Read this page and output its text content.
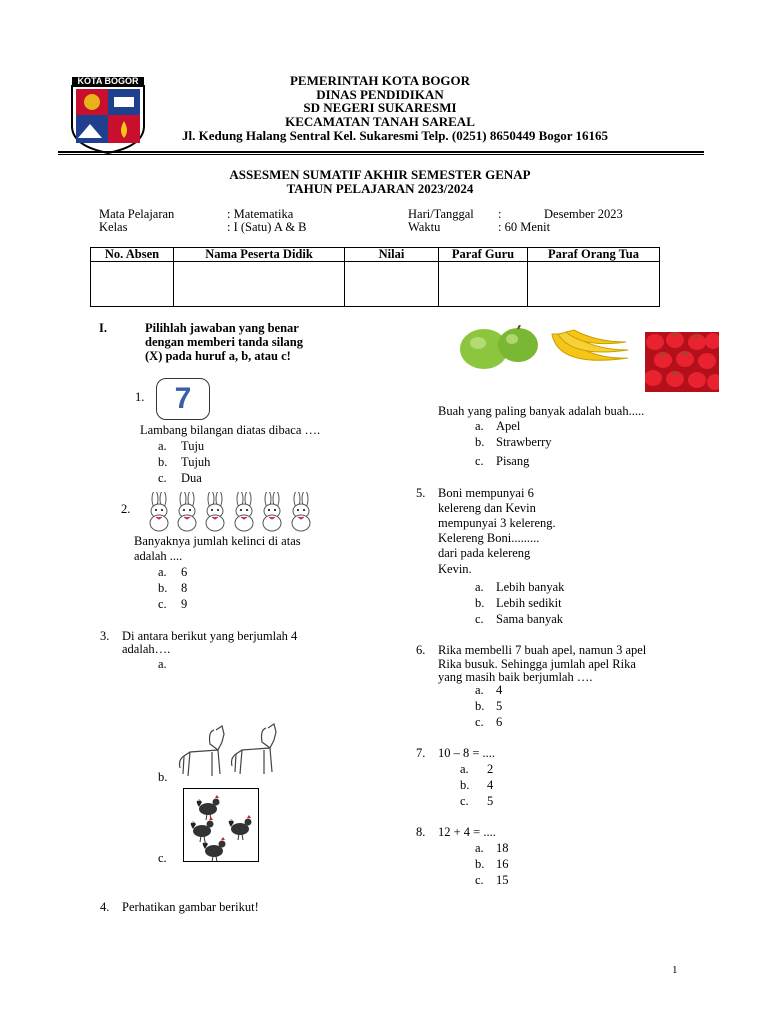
KOTA BOGOR	PEMERINTAH KOTA BOGOR
DINAS PENDIDIKAN
SD NEGERI SUKARESMI
KECAMATAN TANAH SAREAL
Jl. Kedung Halang Sentral Kel. Sukaresmi Telp. (0251) 8650449 Bogor 16165
ASSESMEN SUMATIF AKHIR SEMESTER GENAP
TAHUN PELAJARAN 2023/2024
Mata Pelajaran	: Matematika
Kelas	: I (Satu) A & B
Hari/Tanggal :	Desember 2023
Waktu	: 60 Menit
No. Absen	Nama Peserta Didik	Nilai	Paraf Guru	Paraf Orang Tua

I.	Pilihlah jawaban yang benar
dengan memberi tanda silang
(X) pada huruf a, b, atau c!
1.	7
Lambang bilangan diatas dibaca ….
a. Tuju
b. Tujuh
c. Dua
2.
Banyaknya jumlah kelinci di atas
adalah ....
a. 6
b. 8
c. 9
3. Di antara berikut yang berjumlah 4
adalah….
a.
b.
c.
4. Perhatikan gambar berikut!
Buah yang paling banyak adalah buah.....
a. Apel
b. Strawberry
c. Pisang
5. Boni mempunyai 6
kelereng dan Kevin
mempunyai 3 kelereng.
Kelereng Boni.........
dari pada kelereng
Kevin.
a. Lebih banyak
b. Lebih sedikit
c. Sama banyak
6. Rika membelli 7 buah apel, namun 3 apel
Rika busuk. Sehingga jumlah apel Rika
yang masih baik berjumlah ….
a. 4
b. 5
c. 6
7. 10 – 8 = ....
a. 2
b. 4
c. 5
8. 12 + 4 = ....
a. 18
b. 16
c. 15
1
